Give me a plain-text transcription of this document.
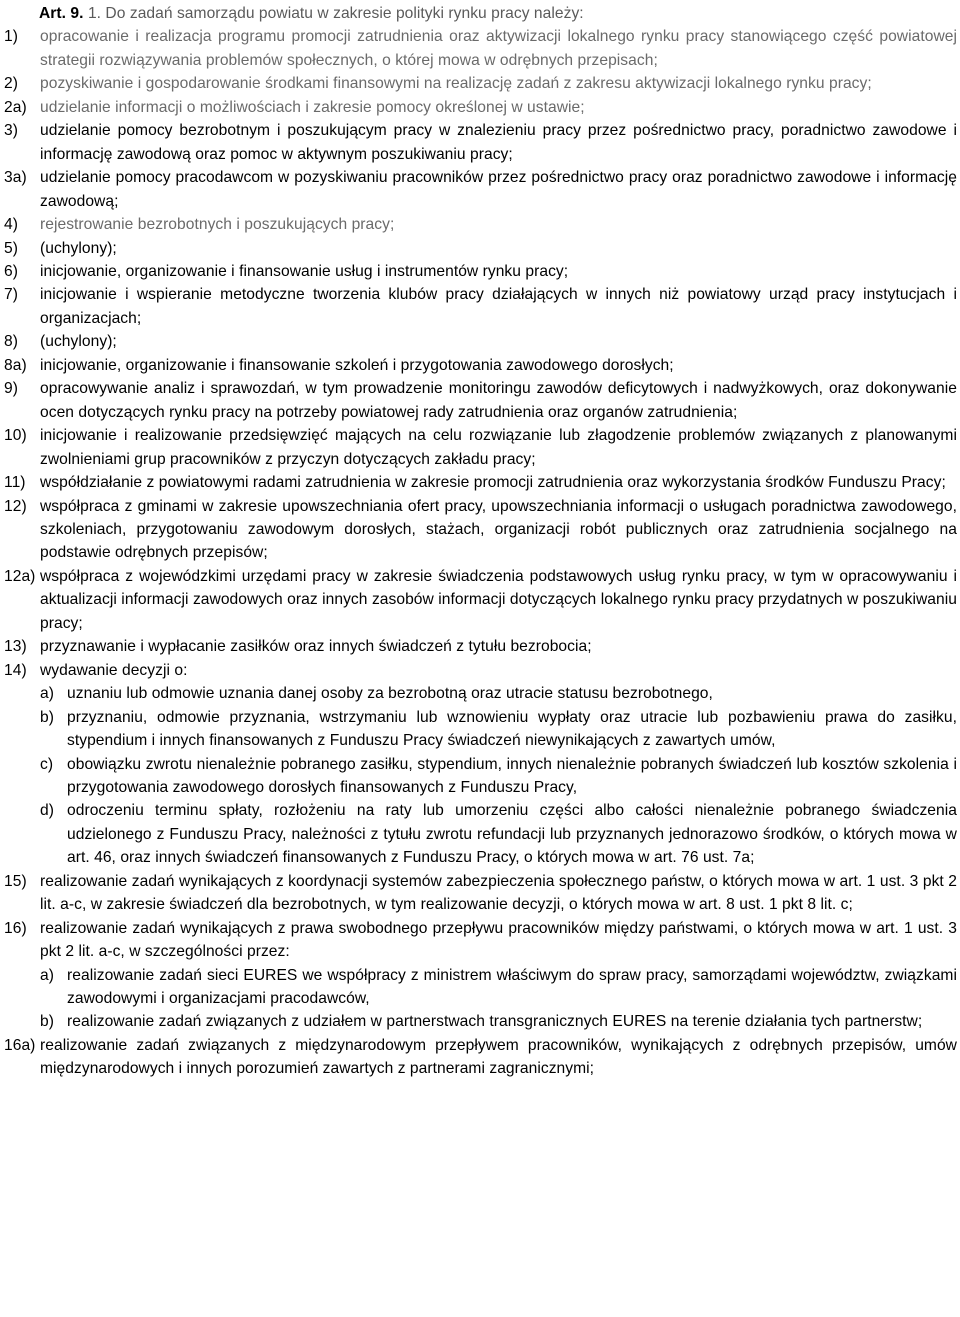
Art. 9. 1. Do zadań samorządu powiatu w zakresie polityki rynku pracy należy:
1)	opracowanie i realizacja programu promocji zatrudnienia oraz aktywizacji lokalnego rynku pracy stanowiącego część powiatowej strategii rozwiązywania problemów społecznych, o której mowa w odrębnych przepisach;
2)	pozyskiwanie i gospodarowanie środkami finansowymi na realizację zadań z zakresu aktywizacji lokalnego rynku pracy;
2a) udzielanie informacji o możliwościach i zakresie pomocy określonej w ustawie;
3)	udzielanie pomocy bezrobotnym i poszukującym pracy w znalezieniu pracy przez pośrednictwo pracy, poradnictwo zawodowe i informację zawodową oraz pomoc w aktywnym poszukiwaniu pracy;
3a) udzielanie pomocy pracodawcom w pozyskiwaniu pracowników przez pośrednictwo pracy oraz poradnictwo zawodowe i informację zawodową;
4)	rejestrowanie bezrobotnych i poszukujących pracy;
5)	(uchylony);
6)	inicjowanie, organizowanie i finansowanie usług i instrumentów rynku pracy;
7)	inicjowanie i wspieranie metodyczne tworzenia klubów pracy działających w innych niż powiatowy urząd pracy instytucjach i organizacjach;
8)	(uchylony);
8a) inicjowanie, organizowanie i finansowanie szkoleń i przygotowania zawodowego dorosłych;
9)	opracowywanie analiz i sprawozdań, w tym prowadzenie monitoringu zawodów deficytowych i nadwyżkowych, oraz dokonywanie ocen dotyczących rynku pracy na potrzeby powiatowej rady zatrudnienia oraz organów zatrudnienia;
10) inicjowanie i realizowanie przedsięwzięć mających na celu rozwiązanie lub złagodzenie problemów związanych z planowanymi zwolnieniami grup pracowników z przyczyn dotyczących zakładu pracy;
11) współdziałanie z powiatowymi radami zatrudnienia w zakresie promocji zatrudnienia oraz wykorzystania środków Funduszu Pracy;
12) współpraca z gminami w zakresie upowszechniania ofert pracy, upowszechniania informacji o usługach poradnictwa zawodowego, szkoleniach, przygotowaniu zawodowym dorosłych, stażach, organizacji robót publicznych oraz zatrudnienia socjalnego na podstawie odrębnych przepisów;
12a) współpraca z wojewódzkimi urzędami pracy w zakresie świadczenia podstawowych usług rynku pracy, w tym w opracowywaniu i aktualizacji informacji zawodowych oraz innych zasobów informacji dotyczących lokalnego rynku pracy przydatnych w poszukiwaniu pracy;
13) przyznawanie i wypłacanie zasiłków oraz innych świadczeń z tytułu bezrobocia;
14) wydawanie decyzji o:
a) uznaniu lub odmowie uznania danej osoby za bezrobotną oraz utracie statusu bezrobotnego,
b) przyznaniu, odmowie przyznania, wstrzymaniu lub wznowieniu wypłaty oraz utracie lub pozbawieniu prawa do zasiłku, stypendium i innych finansowanych z Funduszu Pracy świadczeń niewynikających z zawartych umów,
c) obowiązku zwrotu nienależnie pobranego zasiłku, stypendium, innych nienależnie pobranych świadczeń lub kosztów szkolenia i przygotowania zawodowego dorosłych finansowanych z Funduszu Pracy,
d) odroczeniu terminu spłaty, rozłożeniu na raty lub umorzeniu części albo całości nienależnie pobranego świadczenia udzielonego z Funduszu Pracy, należności z tytułu zwrotu refundacji lub przyznanych jednorazowo środków, o których mowa w art. 46, oraz innych świadczeń finansowanych z Funduszu Pracy, o których mowa w art. 76 ust. 7a;
15) realizowanie zadań wynikających z koordynacji systemów zabezpieczenia społecznego państw, o których mowa w art. 1 ust. 3 pkt 2 lit. a-c, w zakresie świadczeń dla bezrobotnych, w tym realizowanie decyzji, o których mowa w art. 8 ust. 1 pkt 8 lit. c;
16) realizowanie zadań wynikających z prawa swobodnego przepływu pracowników między państwami, o których mowa w art. 1 ust. 3 pkt 2 lit. a-c, w szczególności przez:
a) realizowanie zadań sieci EURES we współpracy z ministrem właściwym do spraw pracy, samorządami województw, związkami zawodowymi i organizacjami pracodawców,
b) realizowanie zadań związanych z udziałem w partnerstwach transgranicznych EURES na terenie działania tych partnerstw;
16a) realizowanie zadań związanych z międzynarodowym przepływem pracowników, wynikających z odrębnych przepisów, umów międzynarodowych i innych porozumień zawartych z partnerami zagranicznymi;
